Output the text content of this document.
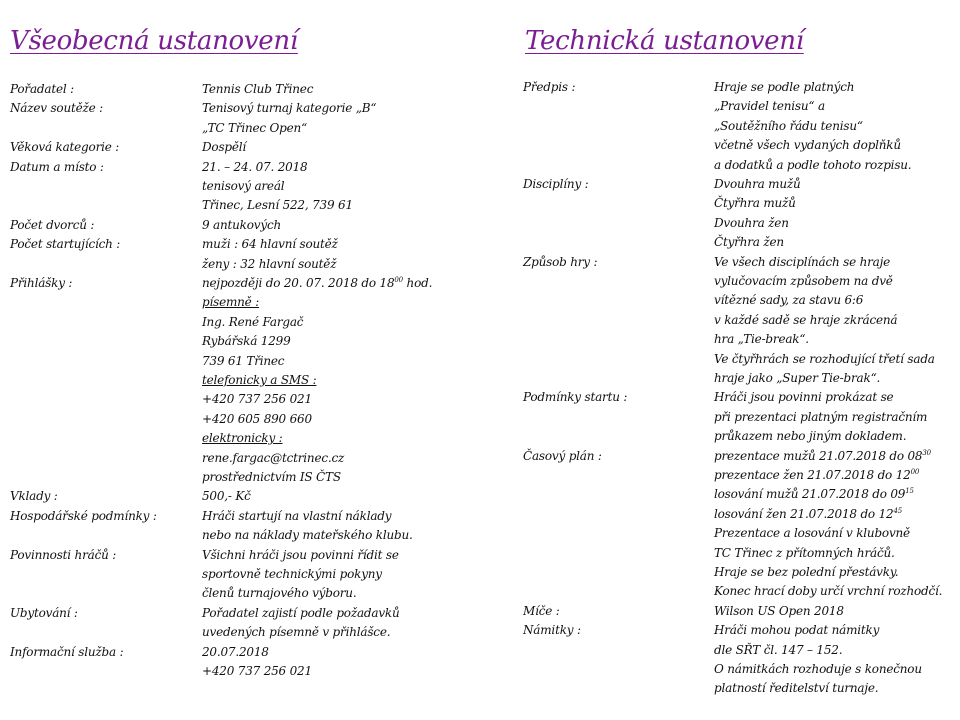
Všeobecná ustanovení	Technická ustanovení
Pořadatel :	Tennis Club Třinec
Název soutěže :	Tenisový turnaj kategorie „B“
„TC Třinec Open“
Věková kategorie :	Dospělí
Datum a místo :	21. – 24. 07. 2018
tenisový areál
Třinec, Lesní 522, 739 61
Počet dvorců :	9 antukových
Počet startujících :	muži : 64 hlavní soutěž
ženy : 32 hlavní soutěž
Přihlášky :	nejpozději do 20. 07. 2018 do $18^{00}$ hod.
písemně :
Ing. René Fargač
Rybářská 1299
739 61 Třinec
telefonicky a SMS :
+420 737 256 021
+420 605 890 660
elektronicky :
rene.fargac@tctrinec.cz
prostřednictvím IS ČTS
Vklady :	500,- Kč
Hospodářské podmínky :	Hráči startují na vlastní náklady
nebo na náklady mateřského klubu.
Povinnosti hráčů :	Všichni hráči jsou povinni řídit se
sportovně technickými pokyny
členů turnajového výboru.
Ubytování :	Pořadatel zajistí podle požadavků
uvedených písemně v přihlášce.
Informační služba :	20.07.2018
+420 737 256 021
Předpis :	Hraje se podle platných
„Pravidel tenisu“ a
„Soutěžního řádu tenisu“
včetně všech vydaných doplňků
a dodatků a podle tohoto rozpisu.
Disciplíny :	Dvouhra mužů
Čtyřhra mužů
Dvouhra žen
Čtyřhra žen
Způsob hry :	Ve všech disciplínách se hraje
vylučovacím způsobem na dvě
vítězné sady, za stavu 6:6
v každé sadě se hraje zkrácená
hra „Tie-break“.
Ve čtyřhrách se rozhodující třetí sada
hraje jako „Super Tie-brak“.
Podmínky startu :	Hráči jsou povinni prokázat se
při prezentaci platným registračním
průkazem nebo jiným dokladem.
Časový plán :	prezentace mužů 21.07.2018 do $08^{30}$
prezentace žen 21.07.2018 do $12^{00}$
losování mužů 21.07.2018 do $09^{15}$
losování žen 21.07.2018 do $12^{45}$
Prezentace a losování v klubovně
TC Třinec z přítomných hráčů.
Hraje se bez polední přestávky.
Konec hrací doby určí vrchní rozhodčí.
Míče :	Wilson US Open 2018
Námitky :	Hráči mohou podat námitky
dle SŘT čl. 147 – 152.
O námitkách rozhoduje s konečnou
platností ředitelství turnaje.
